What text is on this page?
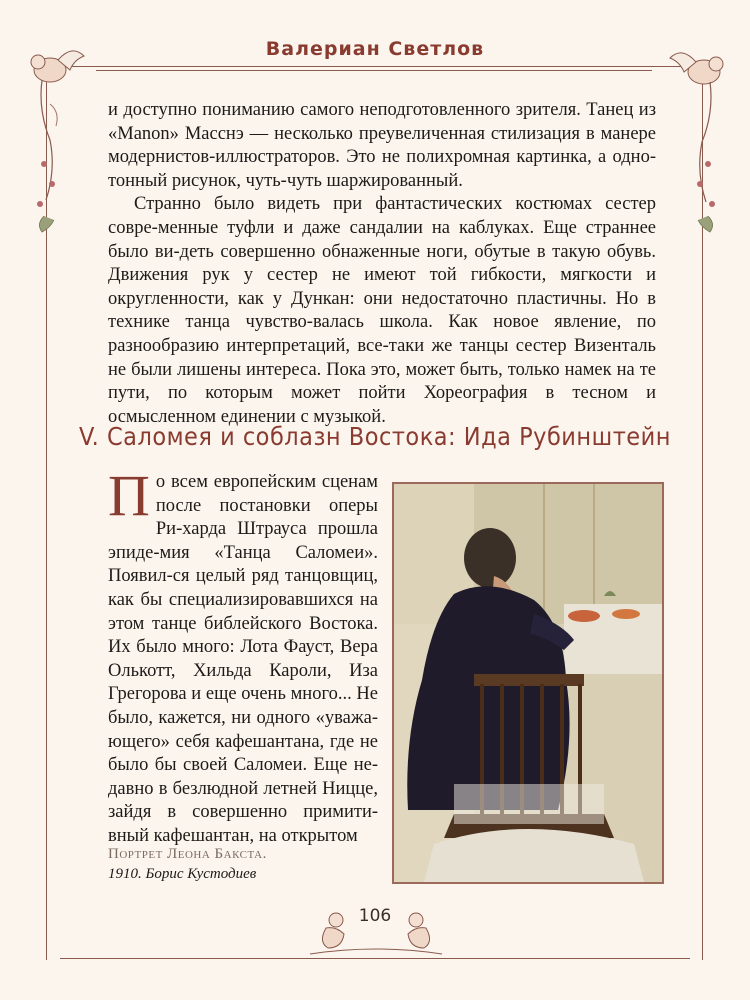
Валериан Светлов

и доступно пониманию самого неподготовленного зрителя. Танец из «Manon» Масснэ — несколько преувеличенная стилизация в манере модернистов-иллюстраторов. Это не полихромная картинка, а одно-тонный рисунок, чуть-чуть шаржированный.

Странно было видеть при фантастических костюмах сестер совре-менные туфли и даже сандалии на каблуках. Еще страннее было ви-деть совершенно обнаженные ноги, обутые в такую обувь. Движения рук у сестер не имеют той гибкости, мягкости и округленности, как у Дункан: они недостаточно пластичны. Но в технике танца чувство-валась школа. Как новое явление, по разнообразию интерпретаций, все-таки же танцы сестер Визенталь не были лишены интереса. Пока это, может быть, только намек на те пути, по которым может пойти Хореография в тесном и осмысленном единении с музыкой.

V. Саломея и соблазн Востока: Ида Рубинштейн
По всем европейским сценам после постановки оперы Ри-харда Штрауса прошла эпиде-мия «Танца Саломеи». Появил-ся целый ряд танцовщиц, как бы специализировавшихся на этом танце библейского Востока. Их было много: Лота Фауст, Вера Олькотт, Хильда Кароли, Иза Грегорова и еще очень много... Не было, кажется, ни одного «уважа-ющего» себя кафешантана, где не было бы своей Саломеи. Еще не-давно в безлюдной летней Ницце, зайдя в совершенно примити-вный кафешантан, на открытом
Портрет Леона Бакста.
1910. Борис Кустодиев
106
